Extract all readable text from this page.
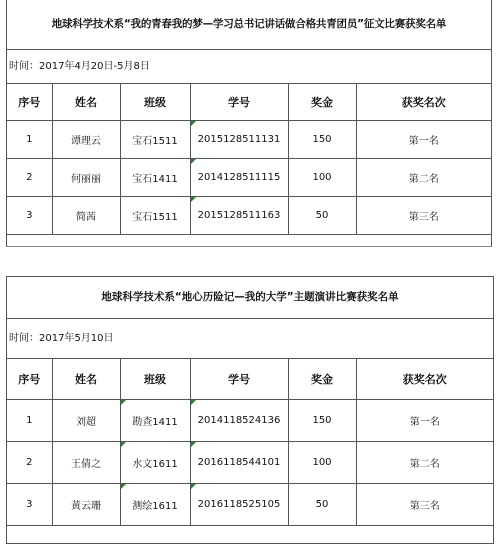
地球科学技术系“我的青春我的梦—学习总书记讲话做合格共青团员”征文比赛获奖名单
时间：2017年4月20日-5月8日
序号	姓名	班级	学号	奖金	获奖名次
1	谭理云	宝石1511	2015128511131	150	第一名
2	何丽丽	宝石1411	2014128511115	100	第二名
3	简茜	宝石1511	2015128511163	50	第三名
地球科学技术系“地心历险记—我的大学”主题演讲比赛获奖名单
时间：2017年5月10日
序号	姓名	班级	学号	奖金	获奖名次
1	刘超	勘查1411	2014118524136	150	第一名
2	王倩之	水文1611	2016118544101	100	第二名
3	黄云珊	测绘1611	2016118525105	50	第三名
